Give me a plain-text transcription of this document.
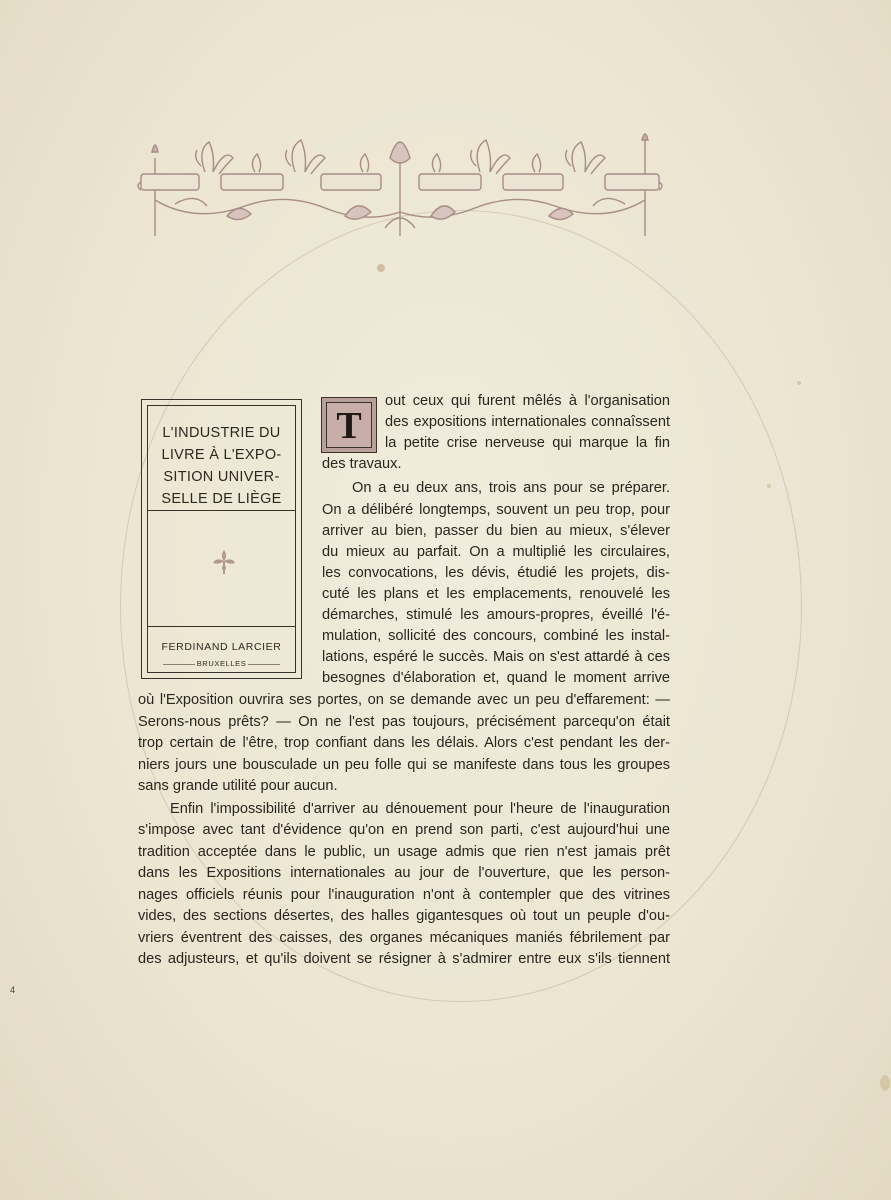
L'INDUSTRIE DU
LIVRE À L'EXPO-
SITION UNIVER-
SELLE DE LIÈGE
FERDINAND LARCIER
BRUXELLES
T
out ceux qui furent mêlés à l'organisation
des expositions internationales connaîssent
la petite crise nerveuse qui marque la fin
des travaux.
On a eu deux ans, trois ans pour se préparer.
On a délibéré longtemps, souvent un peu trop, pour
arriver au bien, passer du bien au mieux, s'élever
du mieux au parfait. On a multiplié les circulaires,
les convocations, les dévis, étudié les projets, dis-
cuté les plans et les emplacements, renouvelé les
démarches, stimulé les amours-propres, éveillé l'é-
mulation, sollicité des concours, combiné les instal-
lations, espéré le succès. Mais on s'est attardé à ces
besognes d'élaboration et, quand le moment arrive
où l'Exposition ouvrira ses portes, on se demande avec un peu d'effarement: —
Serons-nous prêts? — On ne l'est pas toujours, précisément parcequ'on était
trop certain de l'être, trop confiant dans les délais. Alors c'est pendant les der-
niers jours une bousculade un peu folle qui se manifeste dans tous les groupes
sans grande utilité pour aucun.
Enfin l'impossibilité d'arriver au dénouement pour l'heure de l'inauguration
s'impose avec tant d'évidence qu'on en prend son parti, c'est aujourd'hui une
tradition acceptée dans le public, un usage admis que rien n'est jamais prêt
dans les Expositions internationales au jour de l'ouverture, que les person-
nages officiels réunis pour l'inauguration n'ont à contempler que des vitrines
vides, des sections désertes, des halles gigantesques où tout un peuple d'ou-
vriers éventrent des caisses, des organes mécaniques maniés fébrilement par
des adjusteurs, et qu'ils doivent se résigner à s'admirer entre eux s'ils tiennent
4
